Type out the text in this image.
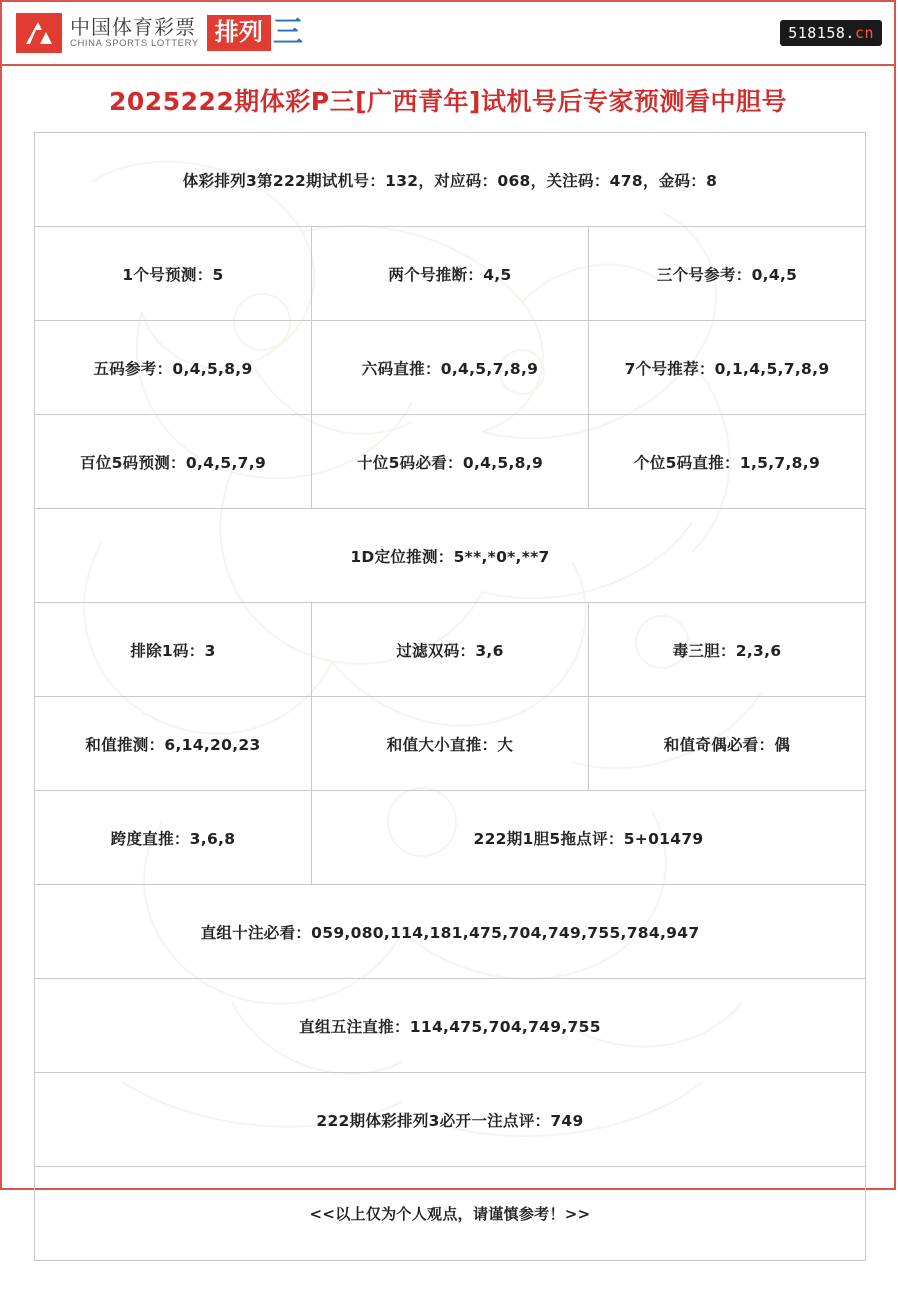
中国体育彩票
CHINA SPORTS LOTTERY 排列 三	518158.cn
2025222期体彩P三[广西青年]试机号后专家预测看中胆号
体彩排列3第222期试机号：132，对应码：068，关注码：478，金码：8		
1个号预测：5	两个号推断：4,5	三个号参考：0,4,5
五码参考：0,4,5,8,9	六码直推：0,4,5,7,8,9	7个号推荐：0,1,4,5,7,8,9
百位5码预测：0,4,5,7,9	十位5码必看：0,4,5,8,9	个位5码直推：1,5,7,8,9
1D定位推测：5**,*0*,**7		
排除1码：3	过滤双码：3,6	毒三胆：2,3,6
和值推测：6,14,20,23	和值大小直推：大	和值奇偶必看：偶
跨度直推：3,6,8	222期1胆5拖点评：5+01479	
直组十注必看：059,080,114,181,475,704,749,755,784,947		
直组五注直推：114,475,704,749,755		
222期体彩排列3必开一注点评：749		
<<以上仅为个人观点，请谨慎参考！>>		
